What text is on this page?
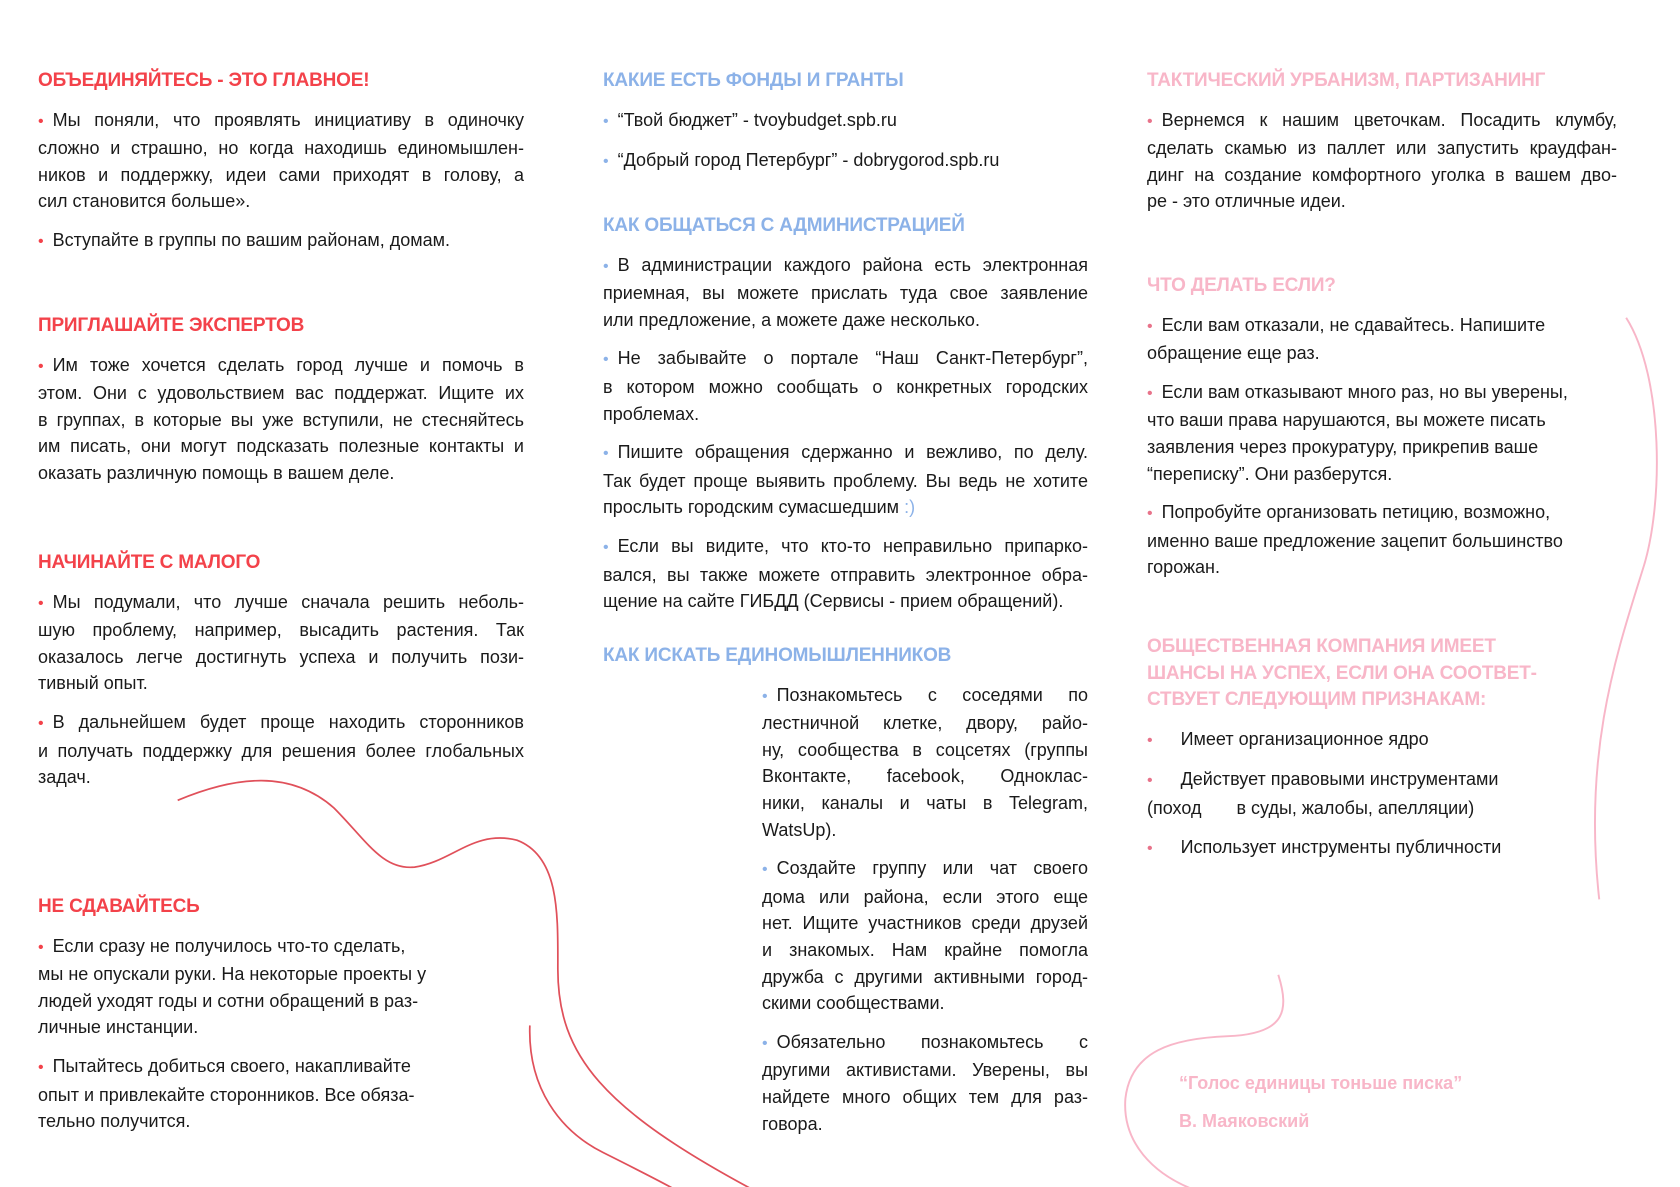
ОБЪЕДИНЯЙТЕСЬ - ЭТО ГЛАВНОЕ!
• Мы поняли, что проявлять инициативу в одиночку
сложно и страшно, но когда находишь единомышлен-
ников и поддержку, идеи сами приходят в голову, а
сил становится больше».
• Вступайте в группы по вашим районам, домам.
ПРИГЛАШАЙТЕ ЭКСПЕРТОВ
• Им тоже хочется сделать город лучше и помочь в
этом. Они с удовольствием вас поддержат. Ищите их
в группах, в которые вы уже вступили, не стесняйтесь
им писать, они могут подсказать полезные контакты и
оказать различную помощь в вашем деле.
НАЧИНАЙТЕ С МАЛОГО
• Мы подумали, что лучше сначала решить неболь-
шую проблему, например, высадить растения. Так
оказалось легче достигнуть успеха и получить пози-
тивный опыт.
• В дальнейшем будет проще находить сторонников
и получать поддержку для решения более глобальных
задач.
НЕ СДАВАЙТЕСЬ
• Если сразу не получилось что-то сделать,
мы не опускали руки. На некоторые проекты у
людей уходят годы и сотни обращений в раз-
личные инстанции.
• Пытайтесь добиться своего, накапливайте
опыт и привлекайте сторонников. Все обяза-
тельно получится.
КАКИЕ ЕСТЬ ФОНДЫ И ГРАНТЫ
• “Твой бюджет” - tvoybudget.spb.ru
• “Добрый город Петербург” - dobrygorod.spb.ru
КАК ОБЩАТЬСЯ С АДМИНИСТРАЦИЕЙ
• В администрации каждого района есть электронная
приемная, вы можете прислать туда свое заявление
или предложение, а можете даже несколько.
• Не забывайте о портале “Наш Санкт-Петербург”,
в котором можно сообщать о конкретных городских
проблемах.
• Пишите обращения сдержанно и вежливо, по делу.
Так будет проще выявить проблему. Вы ведь не хотите
прослыть городским сумасшедшим :)
• Если вы видите, что кто-то неправильно припарко-
вался, вы также можете отправить электронное обра-
щение на сайте ГИБДД (Сервисы - прием обращений).
КАК ИСКАТЬ ЕДИНОМЫШЛЕННИКОВ
• Познакомьтесь с соседями по
лестничной клетке, двору, райо-
ну, сообщества в соцсетях (группы
Вконтакте, facebook, Одноклас-
ники, каналы и чаты в Telegram,
WatsUp).
• Создайте группу или чат своего
дома или района, если этого еще
нет. Ищите участников среди друзей
и знакомых. Нам крайне помогла
дружба с другими активными город-
скими сообществами.
• Обязательно познакомьтесь с
другими активистами. Уверены, вы
найдете много общих тем для раз-
говора.
ТАКТИЧЕСКИЙ УРБАНИЗМ, ПАРТИЗАНИНГ
• Вернемся к нашим цветочкам. Посадить клумбу,
сделать скамью из паллет или запустить краудфан-
динг на создание комфортного уголка в вашем дво-
ре - это отличные идеи.
ЧТО ДЕЛАТЬ ЕСЛИ?
• Если вам отказали, не сдавайтесь. Напишите
обращение еще раз.
• Если вам отказывают много раз, но вы уверены,
что ваши права нарушаются, вы можете писать
заявления через прокуратуру, прикрепив ваше
“переписку”. Они разберутся.
• Попробуйте организовать петицию, возможно,
именно ваше предложение зацепит большинство
горожан.
ОБЩЕСТВЕННАЯ КОМПАНИЯ ИМЕЕТ
ШАНСЫ НА УСПЕХ, ЕСЛИ ОНА СООТВЕТ-
СТВУЕТ СЛЕДУЮЩИМ ПРИЗНАКАМ:
• Имеет организационное ядро
• Действует правовыми инструментами
(поход       в суды, жалобы, апелляции)
• Использует инструменты публичности
“Голос единицы тоньше писка”
В. Маяковский
